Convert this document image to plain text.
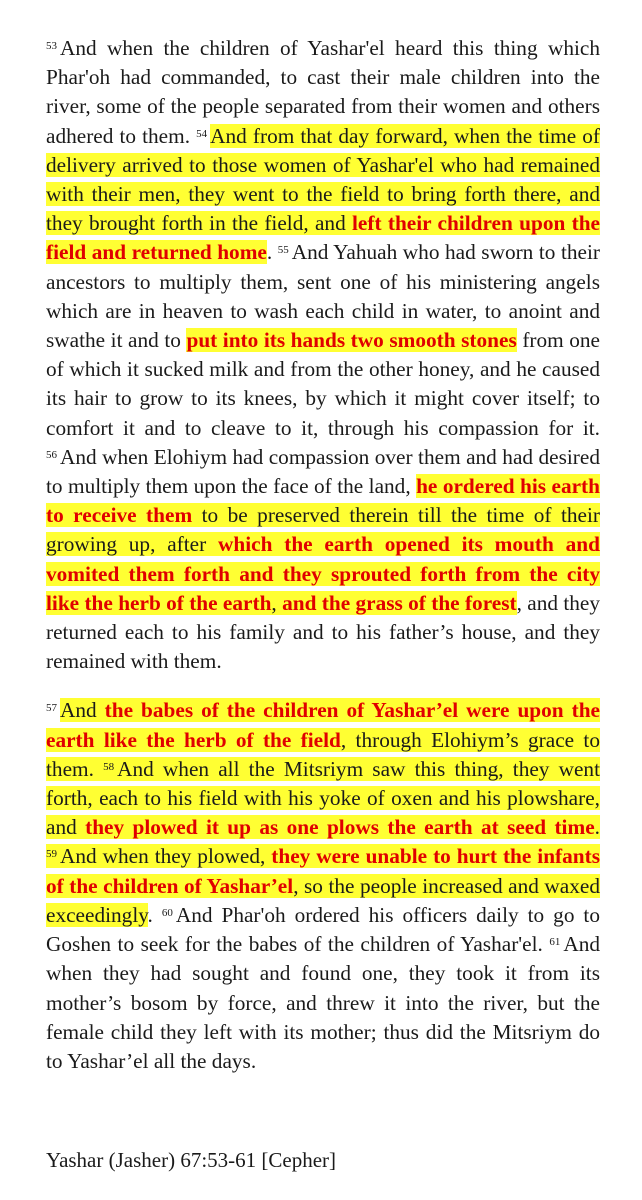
$^{53}$ And when the children of Yashar'el heard this thing which Phar'oh had commanded, to cast their male children into the river, some of the people separated from their women and others adhered to them. $^{54}$ And from that day forward, when the time of delivery arrived to those women of Yashar'el who had remained with their men, they went to the field to bring forth there, and they brought forth in the field, and left their children upon the field and returned home. $^{55}$ And Yahuah who had sworn to their ancestors to multiply them, sent one of his ministering angels which are in heaven to wash each child in water, to anoint and swathe it and to put into its hands two smooth stones from one of which it sucked milk and from the other honey, and he caused its hair to grow to its knees, by which it might cover itself; to comfort it and to cleave to it, through his compassion for it. $^{56}$ And when Elohiym had compassion over them and had desired to multiply them upon the face of the land, he ordered his earth to receive them to be preserved therein till the time of their growing up, after which the earth opened its mouth and vomited them forth and they sprouted forth from the city like the herb of the earth, and the grass of the forest, and they returned each to his family and to his father’s house, and they remained with them.

$^{57}$ And the babes of the children of Yashar’el were upon the earth like the herb of the field, through Elohiym’s grace to them. $^{58}$ And when all the Mitsriym saw this thing, they went forth, each to his field with his yoke of oxen and his plowshare, and they plowed it up as one plows the earth at seed time. $^{59}$ And when they plowed, they were unable to hurt the infants of the children of Yashar’el, so the people increased and waxed exceedingly. $^{60}$ And Phar'oh ordered his officers daily to go to Goshen to seek for the babes of the children of Yashar'el. $^{61}$ And when they had sought and found one, they took it from its mother’s bosom by force, and threw it into the river, but the female child they left with its mother; thus did the Mitsriym do to Yashar’el all the days.

Yashar (Jasher) 67:53-61 [Cepher]
